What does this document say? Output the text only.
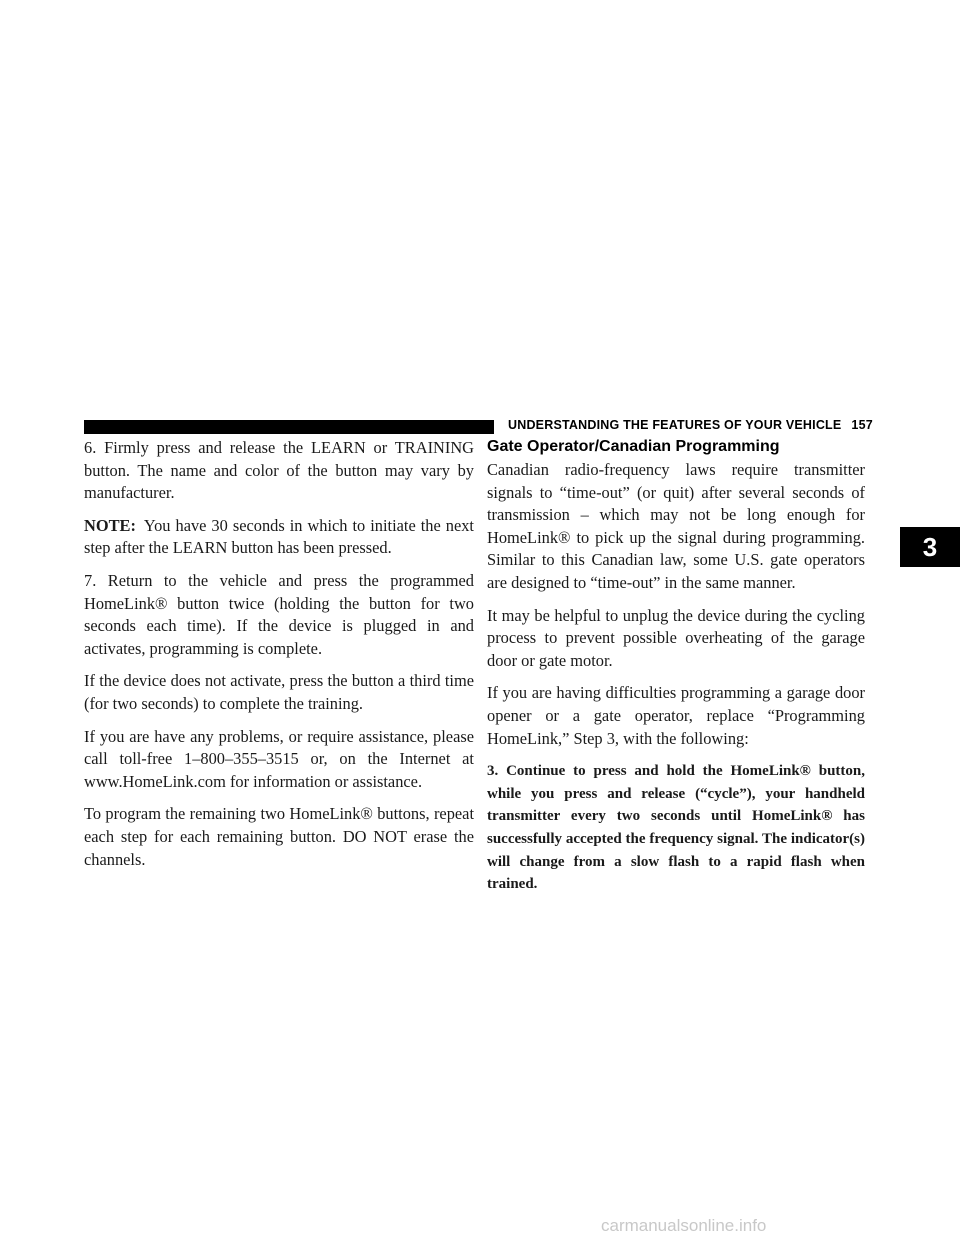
UNDERSTANDING THE FEATURES OF YOUR VEHICLE 157

6. Firmly press and release the LEARN or TRAINING button. The name and color of the button may vary by manufacturer.

NOTE: You have 30 seconds in which to initiate the next step after the LEARN button has been pressed.

7. Return to the vehicle and press the programmed HomeLink® button twice (holding the button for two seconds each time). If the device is plugged in and activates, programming is complete.

If the device does not activate, press the button a third time (for two seconds) to complete the training.

If you are have any problems, or require assistance, please call toll-free 1–800–355–3515 or, on the Internet at www.HomeLink.com for information or assistance.

To program the remaining two HomeLink® buttons, repeat each step for each remaining button. DO NOT erase the channels.

Gate Operator/Canadian Programming

Canadian radio-frequency laws require transmitter signals to “time-out” (or quit) after several seconds of transmission – which may not be long enough for HomeLink® to pick up the signal during programming. Similar to this Canadian law, some U.S. gate operators are designed to “time-out” in the same manner.

It may be helpful to unplug the device during the cycling process to prevent possible overheating of the garage door or gate motor.

If you are having difficulties programming a garage door opener or a gate operator, replace “Programming HomeLink,” Step 3, with the following:

3. Continue to press and hold the HomeLink® button, while you press and release (“cycle”), your handheld transmitter every two seconds until HomeLink® has successfully accepted the frequency signal. The indicator(s) will change from a slow flash to a rapid flash when trained.

3
carmanualsonline.info
